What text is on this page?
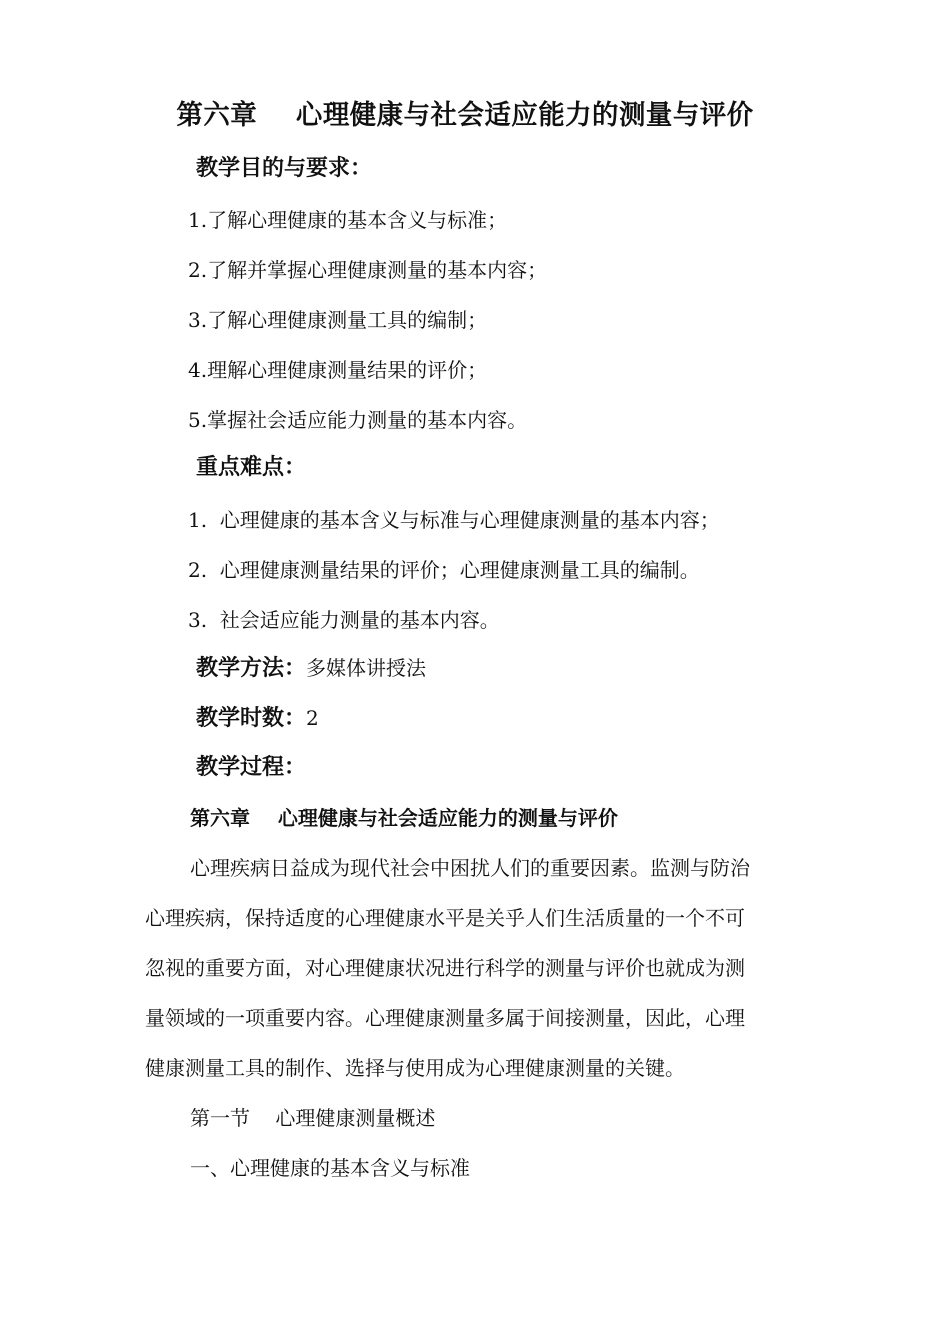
第六章    心理健康与社会适应能力的测量与评价
教学目的与要求：
1.了解心理健康的基本含义与标准；
2.了解并掌握心理健康测量的基本内容；
3.了解心理健康测量工具的编制；
4.理解心理健康测量结果的评价；
5.掌握社会适应能力测量的基本内容。
重点难点：
1.  心理健康的基本含义与标准与心理健康测量的基本内容；
2.  心理健康测量结果的评价；心理健康测量工具的编制。
3.  社会适应能力测量的基本内容。
教学方法：多媒体讲授法
教学时数：2
教学过程：
第六章    心理健康与社会适应能力的测量与评价
心理疾病日益成为现代社会中困扰人们的重要因素。监测与防治
心理疾病，保持适度的心理健康水平是关乎人们生活质量的一个不可
忽视的重要方面，对心理健康状况进行科学的测量与评价也就成为测
量领域的一项重要内容。心理健康测量多属于间接测量，因此，心理
健康测量工具的制作、选择与使用成为心理健康测量的关键。
第一节    心理健康测量概述
一、心理健康的基本含义与标准
